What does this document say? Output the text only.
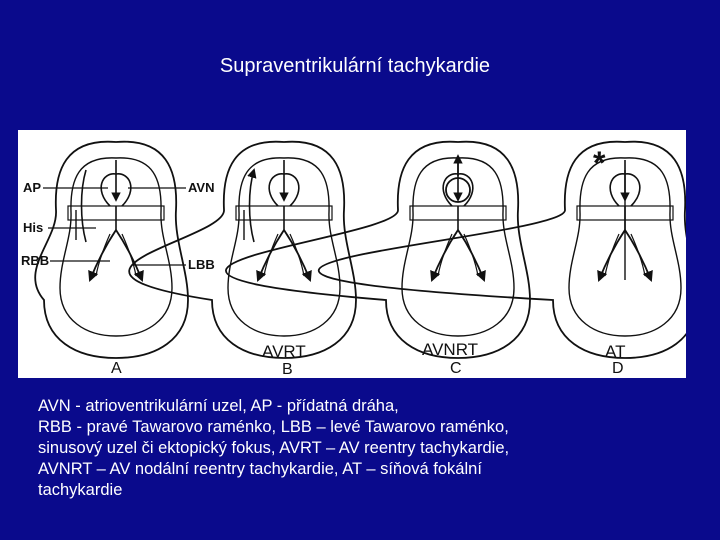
Supraventrikulární tachykardie
AP
His
RBB
AVN
LBB
*
AVRT	AVNRT	AT
A	B	C	D
AVN - atrioventrikulární uzel, AP - přídatná dráha,
RBB - pravé Tawarovo raménko, LBB – levé Tawarovo raménko,
sinusový uzel či ektopický fokus, AVRT – AV reentry tachykardie,
AVNRT – AV nodální reentry tachykardie, AT – síňová fokální
tachykardie
